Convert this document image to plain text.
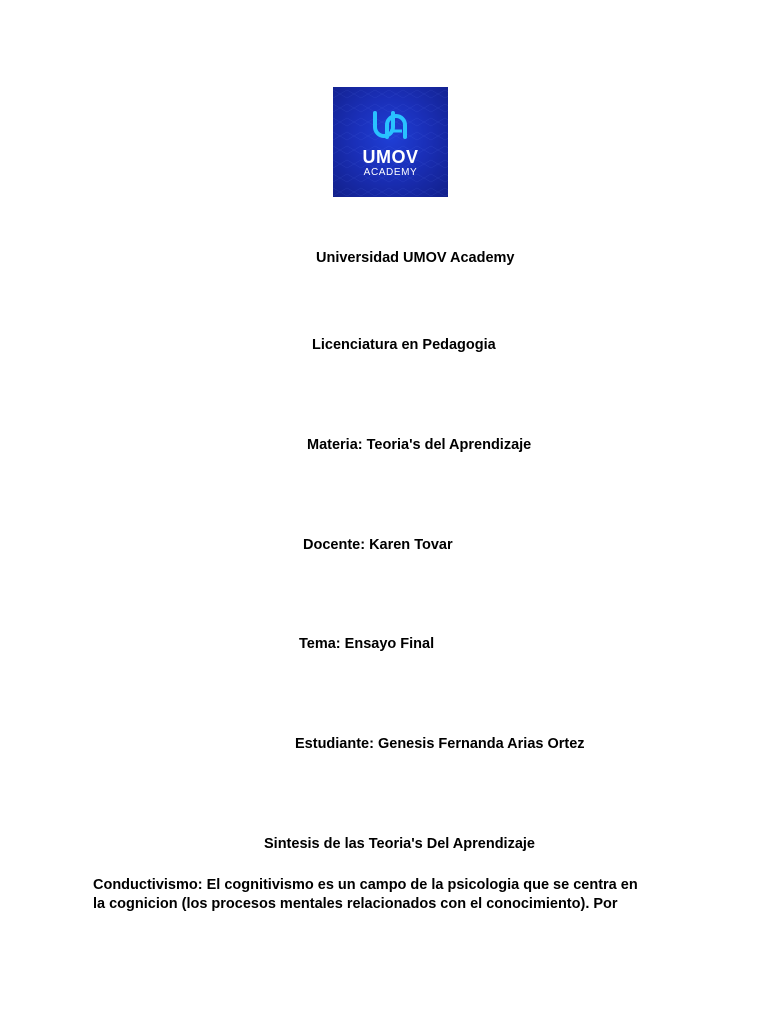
UMOV
ACADEMY
Universidad UMOV Academy
Licenciatura en Pedagogia
Materia: Teoria's del Aprendizaje
Docente: Karen Tovar
Tema: Ensayo Final
Estudiante: Genesis Fernanda Arias Ortez
Sintesis de las Teoria's Del Aprendizaje
Conductivismo: El cognitivismo es un campo de la psicologia que se centra en
la cognicion (los procesos mentales relacionados con el conocimiento). Por
